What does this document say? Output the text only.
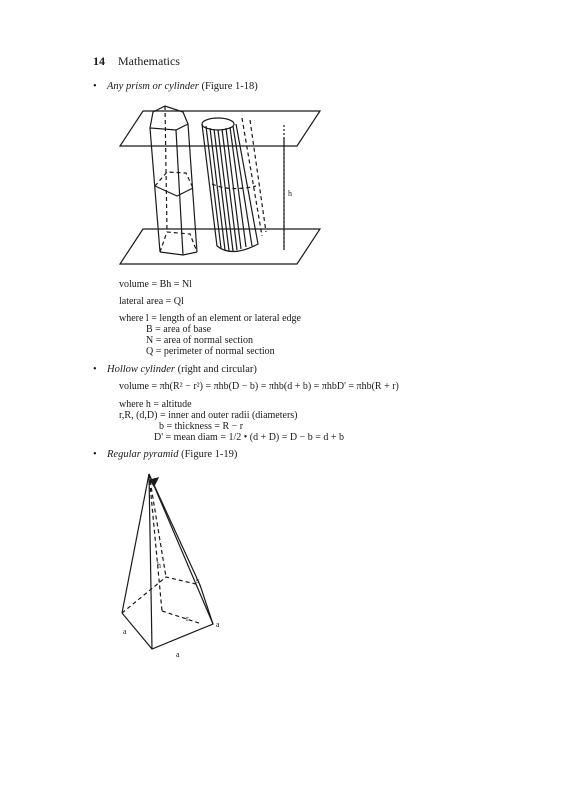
14 Mathematics
• Any prism or cylinder (Figure 1-18)
h
volume = Bh = Nl
lateral area = Ql
where l = length of an element or lateral edge
B = area of base
N = area of normal section
Q = perimeter of normal section
• Hollow cylinder (right and circular)
volume = πh(R² − r²) = πhb(D − b) = πhb(d + b) = πhbD' = πhb(R + r)
where h = altitude
r,R, (d,D) = inner and outer radii (diameters)
b = thickness = R − r
D' = mean diam = 1/2 • (d + D) = D − b = d + b
• Regular pyramid (Figure 1-19)
h
s
r
a
a
a
